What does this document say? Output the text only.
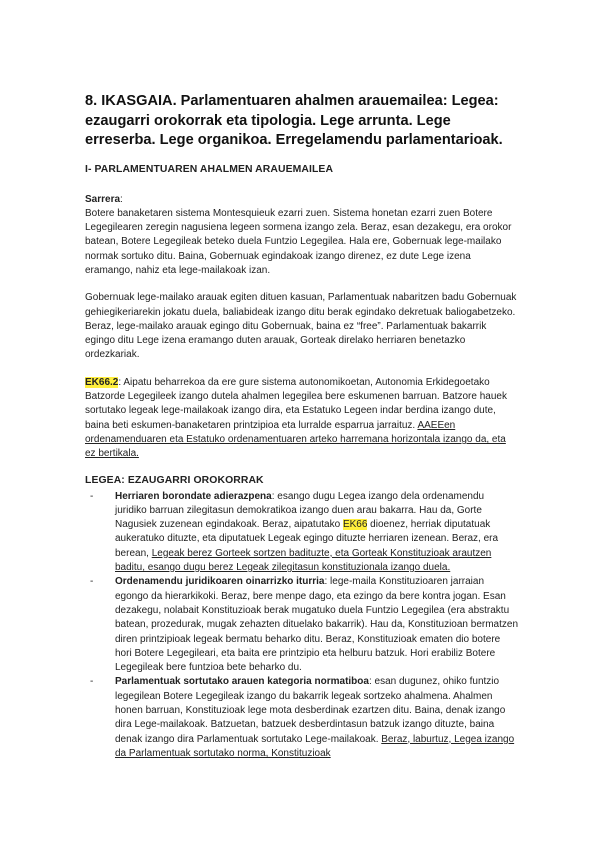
8. IKASGAIA. Parlamentuaren ahalmen arauemailea: Legea: ezaugarri orokorrak eta tipologia. Lege arrunta. Lege erreserba. Lege organikoa. Erregelamendu parlamentarioak.
I- PARLAMENTUAREN AHALMEN ARAUEMAILEA

Sarrera:

Botere banaketaren sistema Montesquieuk ezarri zuen. Sistema honetan ezarri zuen Botere Legegilearen zeregin nagusiena legeen sormena izango zela. Beraz, esan dezakegu, era orokor batean, Botere Legegileak beteko duela Funtzio Legegilea. Hala ere, Gobernuak lege-mailako normak sortuko ditu. Baina, Gobernuak egindakoak izango direnez, ez dute Lege izena eramango, nahiz eta lege-mailakoak izan.

Gobernuak lege-mailako arauak egiten dituen kasuan, Parlamentuak nabaritzen badu Gobernuak gehiegikeriarekin jokatu duela, baliabideak izango ditu berak egindako dekretuak baliogabetzeko. Beraz, lege-mailako arauak egingo ditu Gobernuak, baina ez “free”. Parlamentuak bakarrik egingo ditu Lege izena eramango duten arauak, Gorteak direlako herriaren benetazko ordezkariak.

EK66.2: Aipatu beharrekoa da ere gure sistema autonomikoetan, Autonomia Erkidegoetako Batzorde Legegileek izango dutela ahalmen legegilea bere eskumenen barruan. Batzore hauek sortutako legeak lege-mailakoak izango dira, eta Estatuko Legeen indar berdina izango dute, baina beti eskumen-banaketaren printzipioa eta lurralde esparrua jarraituz. AAEEen ordenamenduaren eta Estatuko ordenamentuaren arteko harremana horizontala izango da, eta ez bertikala.

LEGEA: EZAUGARRI OROKORRAK
- Herriaren borondate adierazpena: esango dugu Legea izango dela ordenamendu juridiko barruan zilegitasun demokratikoa izango duen arau bakarra. Hau da, Gorte Nagusiek zuzenean egindakoak. Beraz, aipatutako EK66 dioenez, herriak diputatuak aukeratuko dituzte, eta diputatuek Legeak egingo dituzte herriaren izenean. Beraz, era berean, Legeak berez Gorteek sortzen badituzte, eta Gorteak Konstituzioak arautzen baditu, esango dugu berez Legeak zilegitasun konstituzionala izango duela.
- Ordenamendu juridikoaren oinarrizko iturria: lege-maila Konstituzioaren jarraian egongo da hierarkikoki. Beraz, bere menpe dago, eta ezingo da bere kontra jogan. Esan dezakegu, nolabait Konstituzioak berak mugatuko duela Funtzio Legegilea (era abstraktu batean, prozedurak, mugak zehazten dituelako bakarrik). Hau da, Konstituzioan bermatzen diren printzipioak legeak bermatu beharko ditu. Beraz, Konstituzioak ematen dio botere hori Botere Legegileari, eta baita ere printzipio eta helburu batzuk. Hori erabiliz Botere Legegileak bere funtzioa bete beharko du.
- Parlamentuak sortutako arauen kategoria normatiboa: esan dugunez, ohiko funtzio legegilean Botere Legegileak izango du bakarrik legeak sortzeko ahalmena. Ahalmen honen barruan, Konstituzioak lege mota desberdinak ezartzen ditu. Baina, denak izango dira Lege-mailakoak. Batzuetan, batzuek desberdintasun batzuk izango dituzte, baina denak izango dira Parlamentuak sortutako Lege-mailakoak. Beraz, laburtuz, Legea izango da Parlamentuak sortutako norma, Konstituzioak
